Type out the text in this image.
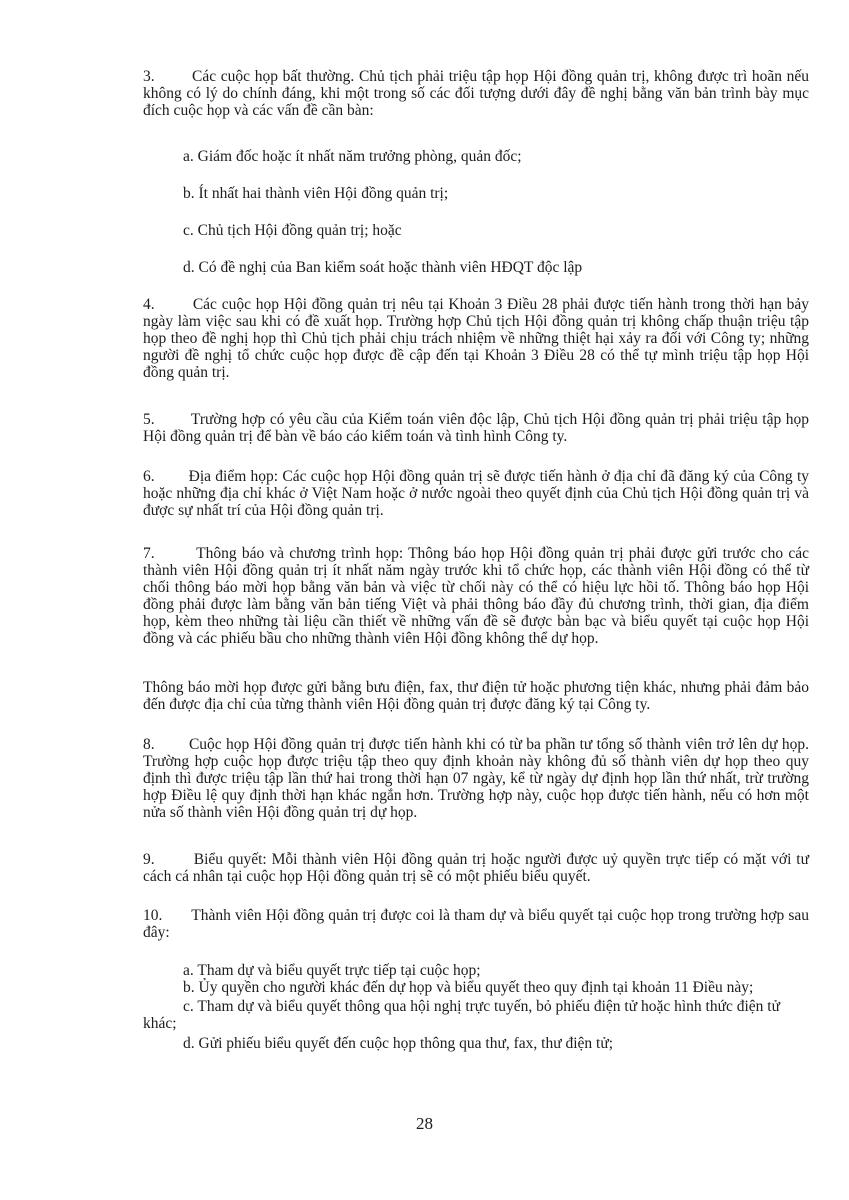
3.        Các cuộc họp bất thường. Chủ tịch phải triệu tập họp Hội đồng quản trị, không được trì hoãn nếu không có lý do chính đáng, khi một trong số các đối tượng dưới đây đề nghị bằng văn bản trình bày mục đích cuộc họp và các vấn đề cần bàn:

a. Giám đốc hoặc ít nhất năm trưởng phòng, quản đốc;

b. Ít nhất hai thành viên Hội đồng quản trị;

c. Chủ tịch Hội đồng quản trị; hoặc

d. Có đề nghị của Ban kiểm soát hoặc thành viên HĐQT độc lập

4.        Các cuộc họp Hội đồng quản trị nêu tại Khoản 3 Điều 28 phải được tiến hành trong thời hạn bảy ngày làm việc sau khi có đề xuất họp. Trường hợp Chủ tịch Hội đồng quản trị không chấp thuận triệu tập họp theo đề nghị họp thì Chủ tịch phải chịu trách nhiệm về những thiệt hại xảy ra đối với Công ty; những người đề nghị tổ chức cuộc họp được đề cập đến tại Khoản 3 Điều 28 có thể tự mình triệu tập họp Hội đồng quản trị.

5.        Trường hợp có yêu cầu của Kiểm toán viên độc lập, Chủ tịch Hội đồng quản trị phải triệu tập họp Hội đồng quản trị để bàn về báo cáo kiểm toán và tình hình Công ty.

6.        Địa điểm họp: Các cuộc họp Hội đồng quản trị sẽ được tiến hành ở địa chỉ đã đăng ký của Công ty hoặc những địa chỉ khác ở Việt Nam hoặc ở nước ngoài theo quyết định của Chủ tịch Hội đồng quản trị và được sự nhất trí của Hội đồng quản trị.

7.        Thông báo và chương trình họp: Thông báo họp Hội đồng quản trị phải được gửi trước cho các thành viên Hội đồng quản trị ít nhất năm ngày trước khi tổ chức họp, các thành viên Hội đồng có thể từ chối thông báo mời họp bằng văn bản và việc từ chối này có thể có hiệu lực hồi tố. Thông báo họp Hội đồng phải được làm bằng văn bản tiếng Việt và phải thông báo đầy đủ chương trình, thời gian, địa điểm họp, kèm theo những tài liệu cần thiết về những vấn đề sẽ được bàn bạc và biểu quyết tại cuộc họp Hội đồng và các phiếu bầu cho những thành viên Hội đồng không thể dự họp.

Thông báo mời họp được gửi bằng bưu điện, fax, thư điện tử hoặc phương tiện khác, nhưng phải đảm bảo đến được địa chỉ của từng thành viên Hội đồng quản trị được đăng ký tại Công ty.

8.        Cuộc họp Hội đồng quản trị được tiến hành khi có từ ba phần tư tổng số thành viên trở lên dự họp. Trường hợp cuộc họp được triệu tập theo quy định khoản này không đủ số thành viên dự họp theo quy định thì được triệu tập lần thứ hai trong thời hạn 07 ngày, kể từ ngày dự định họp lần thứ nhất, trừ trường hợp Điều lệ quy định thời hạn khác ngắn hơn. Trường hợp này, cuộc họp được tiến hành, nếu có hơn một nửa số thành viên Hội đồng quản trị dự họp.

9.        Biểu quyết: Mỗi thành viên Hội đồng quản trị hoặc người được uỷ quyền trực tiếp có mặt với tư cách cá nhân tại cuộc họp Hội đồng quản trị sẽ có một phiếu biểu quyết.

10.       Thành viên Hội đồng quản trị được coi là tham dự và biểu quyết tại cuộc họp trong trường hợp sau đây:

a. Tham dự và biểu quyết trực tiếp tại cuộc họp;

b. Ủy quyền cho người khác đến dự họp và biểu quyết theo quy định tại khoản 11 Điều này;

c. Tham dự và biểu quyết thông qua hội nghị trực tuyến, bỏ phiếu điện tử hoặc hình thức điện tử khác;

d. Gửi phiếu biểu quyết đến cuộc họp thông qua thư, fax, thư điện tử;

28
